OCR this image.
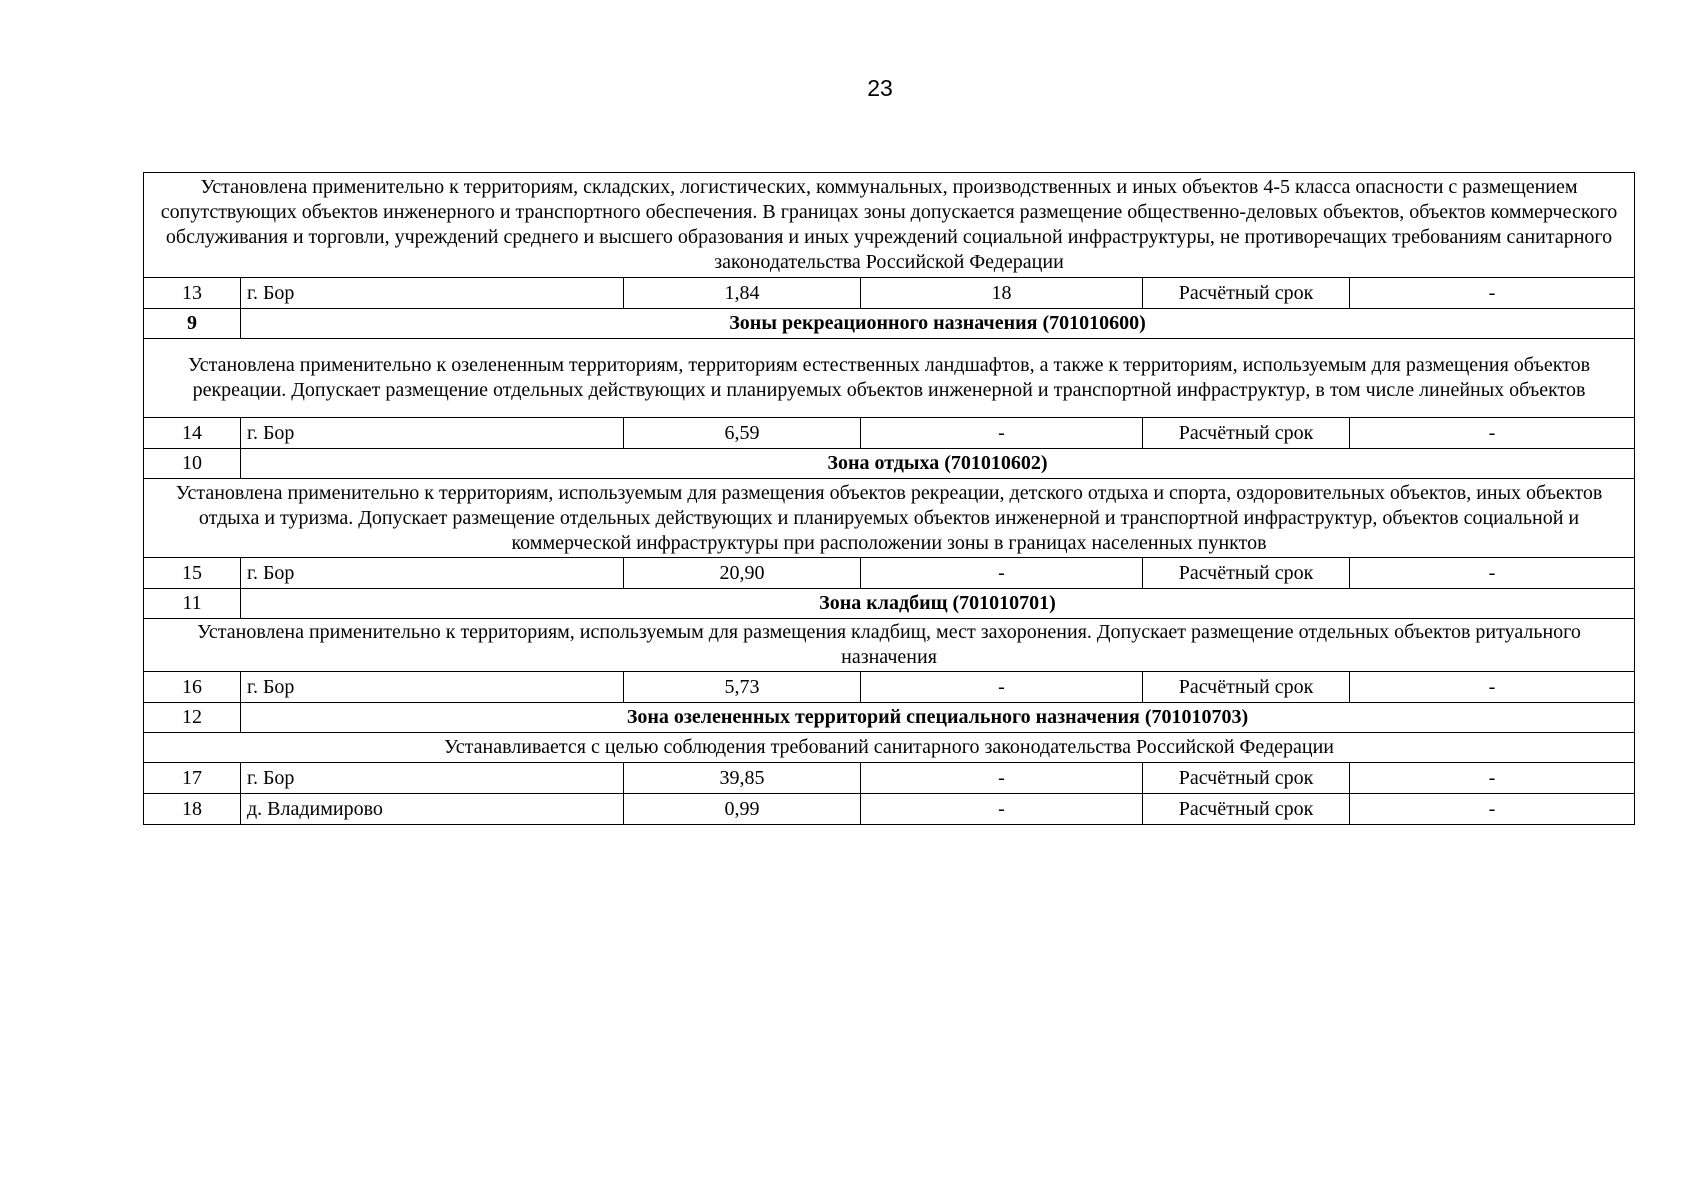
23
Установлена применительно к территориям, складских, логистических, коммунальных, производственных и иных объектов 4-5 класса опасности с размещением сопутствующих объектов инженерного и транспортного обеспечения. В границах зоны допускается размещение общественно-деловых объектов, объектов коммерческого обслуживания и торговли, учреждений среднего и высшего образования и иных учреждений социальной инфраструктуры, не противоречащих требованиям санитарного законодательства Российской Федерации					
13	г. Бор	1,84	18	Расчётный срок	-
9	Зоны рекреационного назначения (701010600)				
Установлена применительно к озелененным территориям, территориям естественных ландшафтов, а также к территориям, используемым для размещения объектов рекреации. Допускает размещение отдельных действующих и планируемых объектов инженерной и транспортной инфраструктур, в том числе линейных объектов					
14	г. Бор	6,59	-	Расчётный срок	-
10	Зона отдыха (701010602)				
Установлена применительно к территориям, используемым для размещения объектов рекреации, детского отдыха и спорта, оздоровительных объектов, иных объектов отдыха и туризма. Допускает размещение отдельных действующих и планируемых объектов инженерной и транспортной инфраструктур, объектов социальной и коммерческой инфраструктуры при расположении зоны в границах населенных пунктов					
15	г. Бор	20,90	-	Расчётный срок	-
11	Зона кладбищ (701010701)				
Установлена применительно к территориям, используемым для размещения кладбищ, мест захоронения. Допускает размещение отдельных объектов ритуального назначения					
16	г. Бор	5,73	-	Расчётный срок	-
12	Зона озелененных территорий специального назначения (701010703)				
Устанавливается с целью соблюдения требований санитарного законодательства Российской Федерации					
17	г. Бор	39,85	-	Расчётный срок	-
18	д. Владимирово	0,99	-	Расчётный срок	-
